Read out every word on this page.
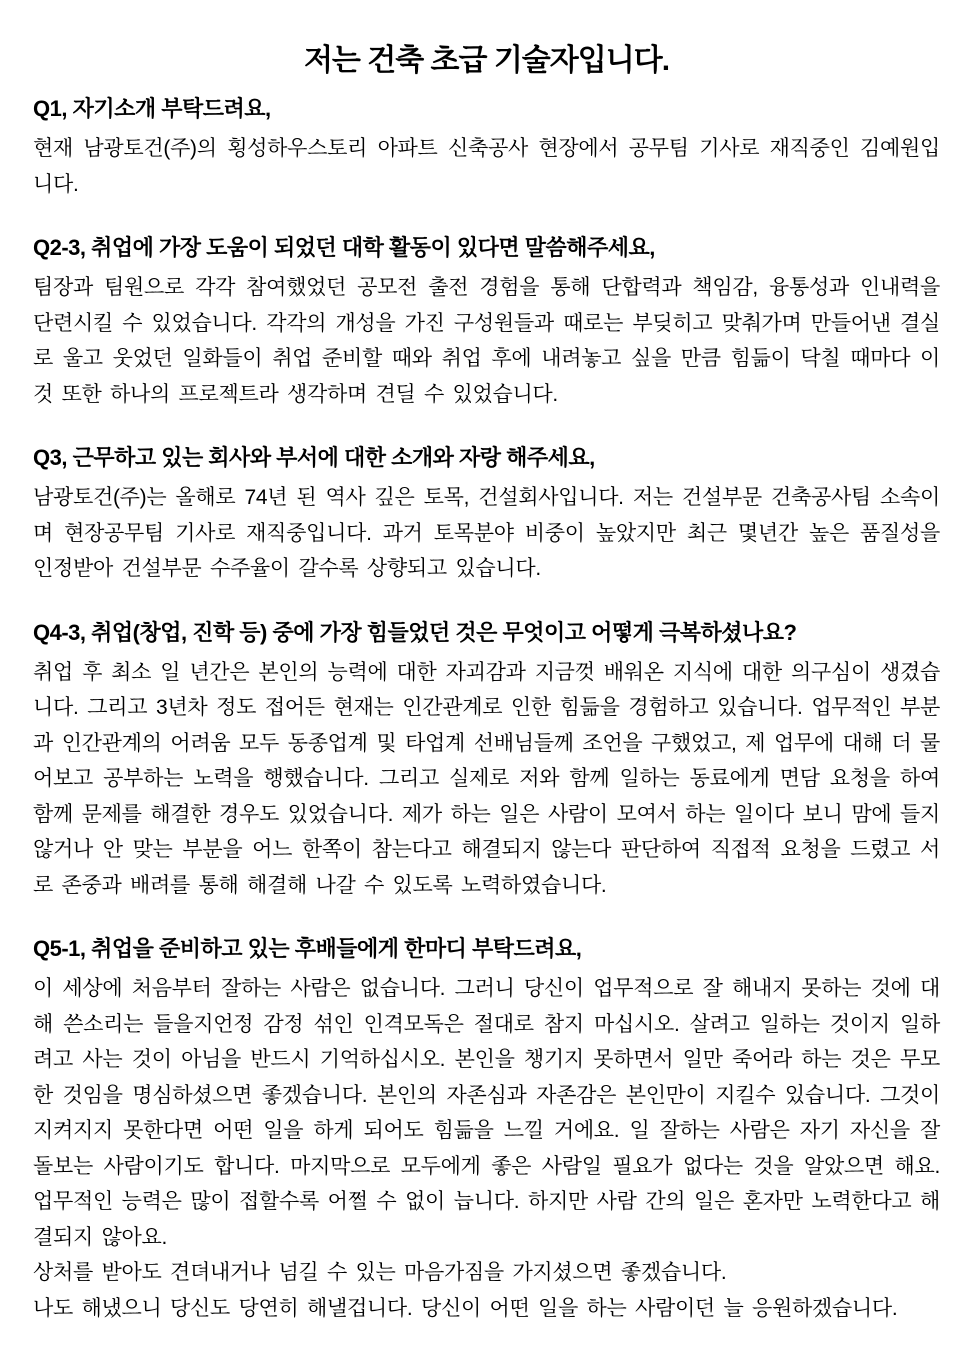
저는 건축 초급 기술자입니다.
Q1, 자기소개 부탁드려요,

현재 남광토건(주)의 횡성하우스토리 아파트 신축공사 현장에서 공무팀 기사로 재직중인 김예원입니다.

Q2-3, 취업에 가장 도움이 되었던 대학 활동이 있다면 말씀해주세요,

팀장과 팀원으로 각각 참여했었던 공모전 출전 경험을 통해 단합력과 책임감, 융통성과 인내력을 단련시킬 수 있었습니다. 각각의 개성을 가진 구성원들과 때로는 부딪히고 맞춰가며 만들어낸 결실로 울고 웃었던 일화들이 취업 준비할 때와 취업 후에 내려놓고 싶을 만큼 힘듦이 닥칠 때마다 이것 또한 하나의 프로젝트라 생각하며 견딜 수 있었습니다.

Q3, 근무하고 있는 회사와 부서에 대한 소개와 자랑 해주세요,

남광토건(주)는 올해로 74년 된 역사 깊은 토목, 건설회사입니다. 저는 건설부문 건축공사팀 소속이며 현장공무팀 기사로 재직중입니다. 과거 토목분야 비중이 높았지만 최근 몇년간 높은 품질성을 인정받아 건설부문 수주율이 갈수록 상향되고 있습니다.

Q4-3, 취업(창업, 진학 등) 중에 가장 힘들었던 것은 무엇이고 어떻게 극복하셨나요?

취업 후 최소 일 년간은 본인의 능력에 대한 자괴감과 지금껏 배워온 지식에 대한 의구심이 생겼습니다. 그리고 3년차 정도 접어든 현재는 인간관계로 인한 힘듦을 경험하고 있습니다. 업무적인 부분과 인간관계의 어려움 모두 동종업계 및 타업계 선배님들께 조언을 구했었고, 제 업무에 대해 더 물어보고 공부하는 노력을 행했습니다. 그리고 실제로 저와 함께 일하는 동료에게 면담 요청을 하여 함께 문제를 해결한 경우도 있었습니다. 제가 하는 일은 사람이 모여서 하는 일이다 보니 맘에 들지 않거나 안 맞는 부분을 어느 한쪽이 참는다고 해결되지 않는다 판단하여 직접적 요청을 드렸고 서로 존중과 배려를 통해 해결해 나갈 수 있도록 노력하였습니다.

Q5-1, 취업을 준비하고 있는 후배들에게 한마디 부탁드려요,

이 세상에 처음부터 잘하는 사람은 없습니다. 그러니 당신이 업무적으로 잘 해내지 못하는 것에 대해 쓴소리는 들을지언정 감정 섞인 인격모독은 절대로 참지 마십시오. 살려고 일하는 것이지 일하려고 사는 것이 아님을 반드시 기억하십시오. 본인을 챙기지 못하면서 일만 죽어라 하는 것은 무모한 것임을 명심하셨으면 좋겠습니다. 본인의 자존심과 자존감은 본인만이 지킬수 있습니다. 그것이 지켜지지 못한다면 어떤 일을 하게 되어도 힘듦을 느낄 거에요. 일 잘하는 사람은 자기 자신을 잘 돌보는 사람이기도 합니다. 마지막으로 모두에게 좋은 사람일 필요가 없다는 것을 알았으면 해요. 업무적인 능력은 많이 접할수록 어쩔 수 없이 늡니다. 하지만 사람 간의 일은 혼자만 노력한다고 해결되지 않아요.

상처를 받아도 견뎌내거나 넘길 수 있는 마음가짐을 가지셨으면 좋겠습니다.

나도 해냈으니 당신도 당연히 해낼겁니다. 당신이 어떤 일을 하는 사람이던 늘 응원하겠습니다.
